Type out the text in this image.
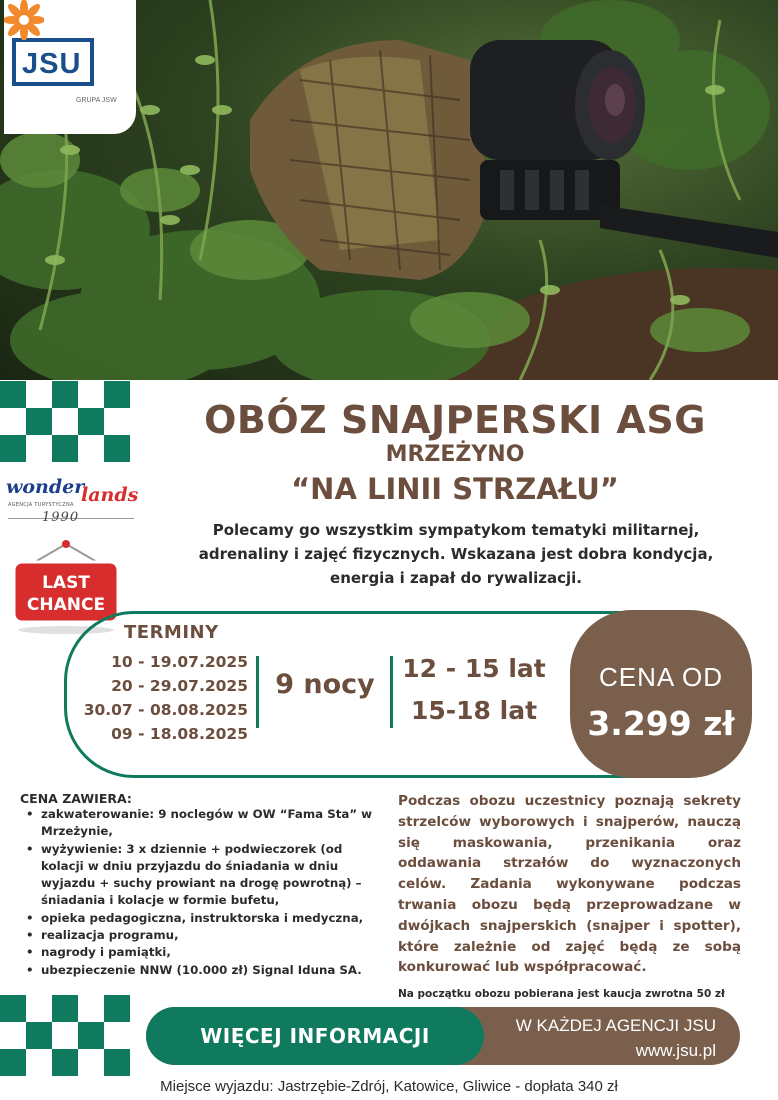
JSU
GRUPA JSW
OBÓZ SNAJPERSKI ASG
MRZEŻYNO
“NA LINII STRZAŁU”
wonder
lands
AGENCJA TURYSTYCZNA
1990
LAST
CHANCE
Polecamy go wszystkim sympatykom tematyki militarnej, adrenaliny i zajęć fizycznych. Wskazana jest dobra kondycja, energia i zapał do rywalizacji.
TERMINY
10 - 19.07.2025
20 - 29.07.2025
30.07 - 08.08.2025
09 - 18.08.2025
9 nocy
12 - 15 lat
15-18 lat
CENA OD
3.299 zł
CENA ZAWIERA:
• zakwaterowanie: 9 noclegów w OW “Fama Sta” w Mrzeżynie,
• wyżywienie: 3 x dziennie + podwieczorek (od kolacji w dniu przyjazdu do śniadania w dniu wyjazdu + suchy prowiant na drogę powrotną) – śniadania i kolacje w formie bufetu,
• opieka pedagogiczna, instruktorska i medyczna,
• realizacja programu,
• nagrody i pamiątki,
• ubezpieczenie NNW (10.000 zł) Signal Iduna SA.
Podczas obozu uczestnicy poznają sekrety strzelców wyborowych i snajperów, nauczą się maskowania, przenikania oraz oddawania strzałów do wyznaczonych celów. Zadania wykonywane podczas trwania obozu będą przeprowadzane w dwójkach snajperskich (snajper i spotter), które zależnie od zajęć będą ze sobą konkurować lub współpracować.
Na początku obozu pobierana jest kaucja zwrotna 50 zł
WIĘCEJ INFORMACJI	W KAŻDEJ AGENCJI JSU
www.jsu.pl
Miejsce wyjazdu: Jastrzębie-Zdrój, Katowice, Gliwice - dopłata 340 zł
